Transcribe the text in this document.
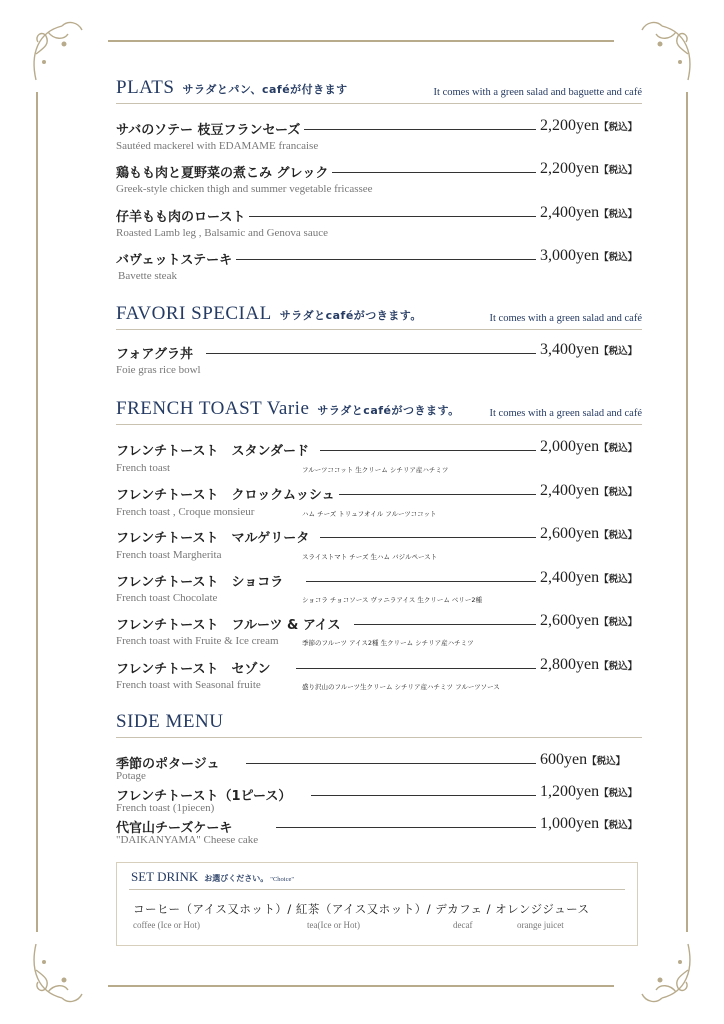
PLATS サラダとパン、caféが付きます	It comes with a green salad and baguette and café
サバのソテー 枝豆フランセーズ	2,200yen【税込】
Sautéed mackerel with EDAMAME francaise
鶏もも肉と夏野菜の煮こみ グレック	2,200yen【税込】
Greek-style chicken thigh and summer vegetable fricassee
仔羊もも肉のロースト	2,400yen【税込】
Roasted Lamb leg , Balsamic and Genova sauce
バヴェットステーキ	3,000yen【税込】
Bavette steak
FAVORI SPECIAL サラダとcaféがつきます。	It comes with a green salad and café
フォアグラ丼	3,400yen【税込】
Foie gras rice bowl
FRENCH TOAST Varie サラダとcaféがつきます。	It comes with a green salad and café
フレンチトースト　スタンダード	2,000yen【税込】
French toast	フルーツココット 生クリーム シチリア産ハチミツ
フレンチトースト　クロックムッシュ	2,400yen【税込】
French toast , Croque monsieur	ハム チーズ トリュフオイル フルーツココット
フレンチトースト　マルゲリータ	2,600yen【税込】
French toast Margherita	スライストマト チーズ 生ハム バジルペースト
フレンチトースト　ショコラ	2,400yen【税込】
French toast Chocolate	ショコラ チョコソース ヴァニラアイス 生クリーム ベリー2種
フレンチトースト　フルーツ & アイス	2,600yen【税込】
French toast with Fruite & Ice cream	季節のフルーツ アイス2種 生クリーム シチリア産ハチミツ
フレンチトースト　セゾン	2,800yen【税込】
French toast with Seasonal fruite	盛り沢山のフルーツ生クリーム シチリア産ハチミツ フルーツソース
SIDE MENU
季節のポタージュ	600yen【税込】
Potage
フレンチトースト（1ピース）	1,200yen【税込】
French toast (1piecen)
代官山チーズケーキ	1,000yen【税込】
"DAIKANYAMA" Cheese cake
SET DRINK お選びください。 "Choice"
コーヒー（アイス又ホット）/ 紅茶（アイス又ホット）/ デカフェ / オレンジジュース
coffee (Ice or Hot)	tea(Ice or Hot)	decaf	orange juicet
